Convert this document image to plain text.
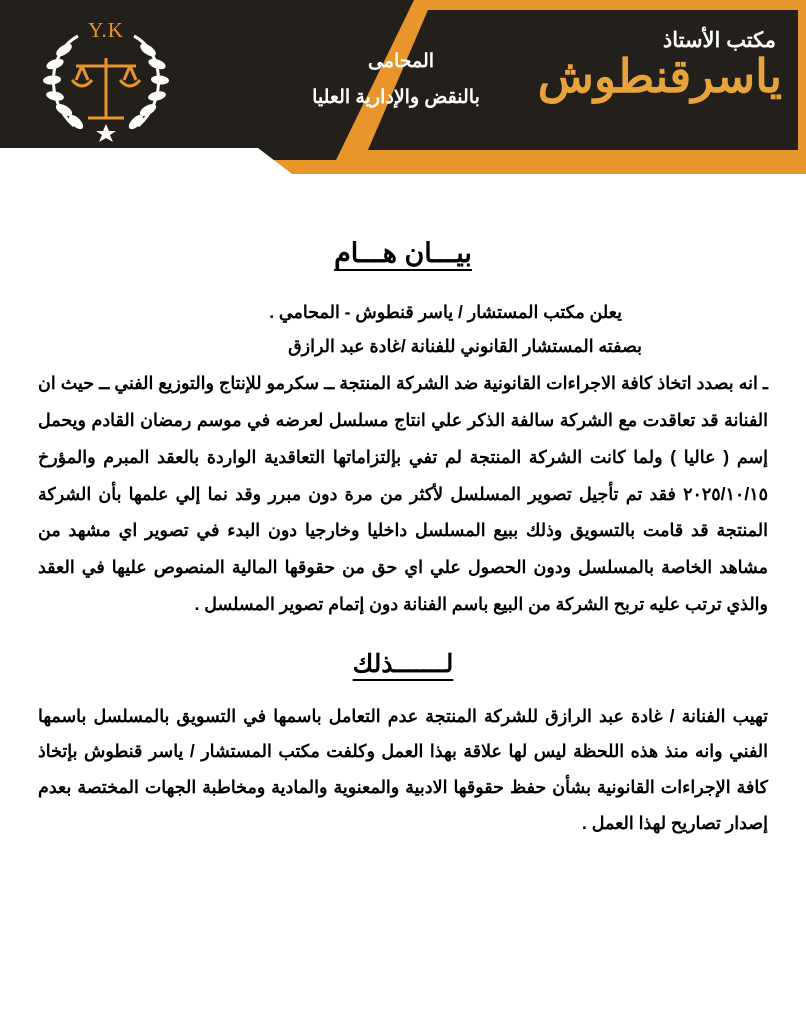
Y.K	مكتب الأستاذ
ياسرقنطوش
المحامى
بالنقض والإدارية العليا
بيـــان هـــام

يعلن مكتب المستشار / ياسر قنطوش - المحامي .

بصفته المستشار القانوني للفنانة /غادة عبد الرازق

ـ انه بصدد اتخاذ كافة الاجراءات القانونية ضد الشركة المنتجة ــ سكرمو للإنتاج والتوزيع الفني ــ حيث ان الفنانة قد تعاقدت مع الشركة سالفة الذكر علي انتاج مسلسل لعرضه في موسم رمضان القادم ويحمل إسم ( عاليا ) ولما كانت الشركة المنتجة لم تفي بإلتزاماتها التعاقدية الواردة بالعقد المبرم والمؤرخ ٢٠٢٥/١٠/١٥ فقد تم تأجيل تصوير المسلسل لأكثر من مرة دون مبرر وقد نما إلي علمها بأن الشركة المنتجة قد قامت بالتسويق وذلك ببيع المسلسل داخليا وخارجيا دون البدء في تصوير اي مشهد من مشاهد الخاصة بالمسلسل ودون الحصول علي اي حق من حقوقها المالية المنصوص عليها في العقد والذي ترتب عليه تربح الشركة من البيع باسم الفنانة دون إتمام تصوير المسلسل .

لـــــــذلك

تهيب الفنانة / غادة عبد الرازق للشركة المنتجة عدم التعامل باسمها في التسويق بالمسلسل باسمها الفني وانه منذ هذه اللحظة ليس لها علاقة بهذا العمل وكلفت مكتب المستشار / ياسر قنطوش بإتخاذ كافة الإجراءات القانونية بشأن حفظ حقوقها الادبية والمعنوية والمادية ومخاطبة الجهات المختصة بعدم إصدار تصاريح لهذا العمل .
